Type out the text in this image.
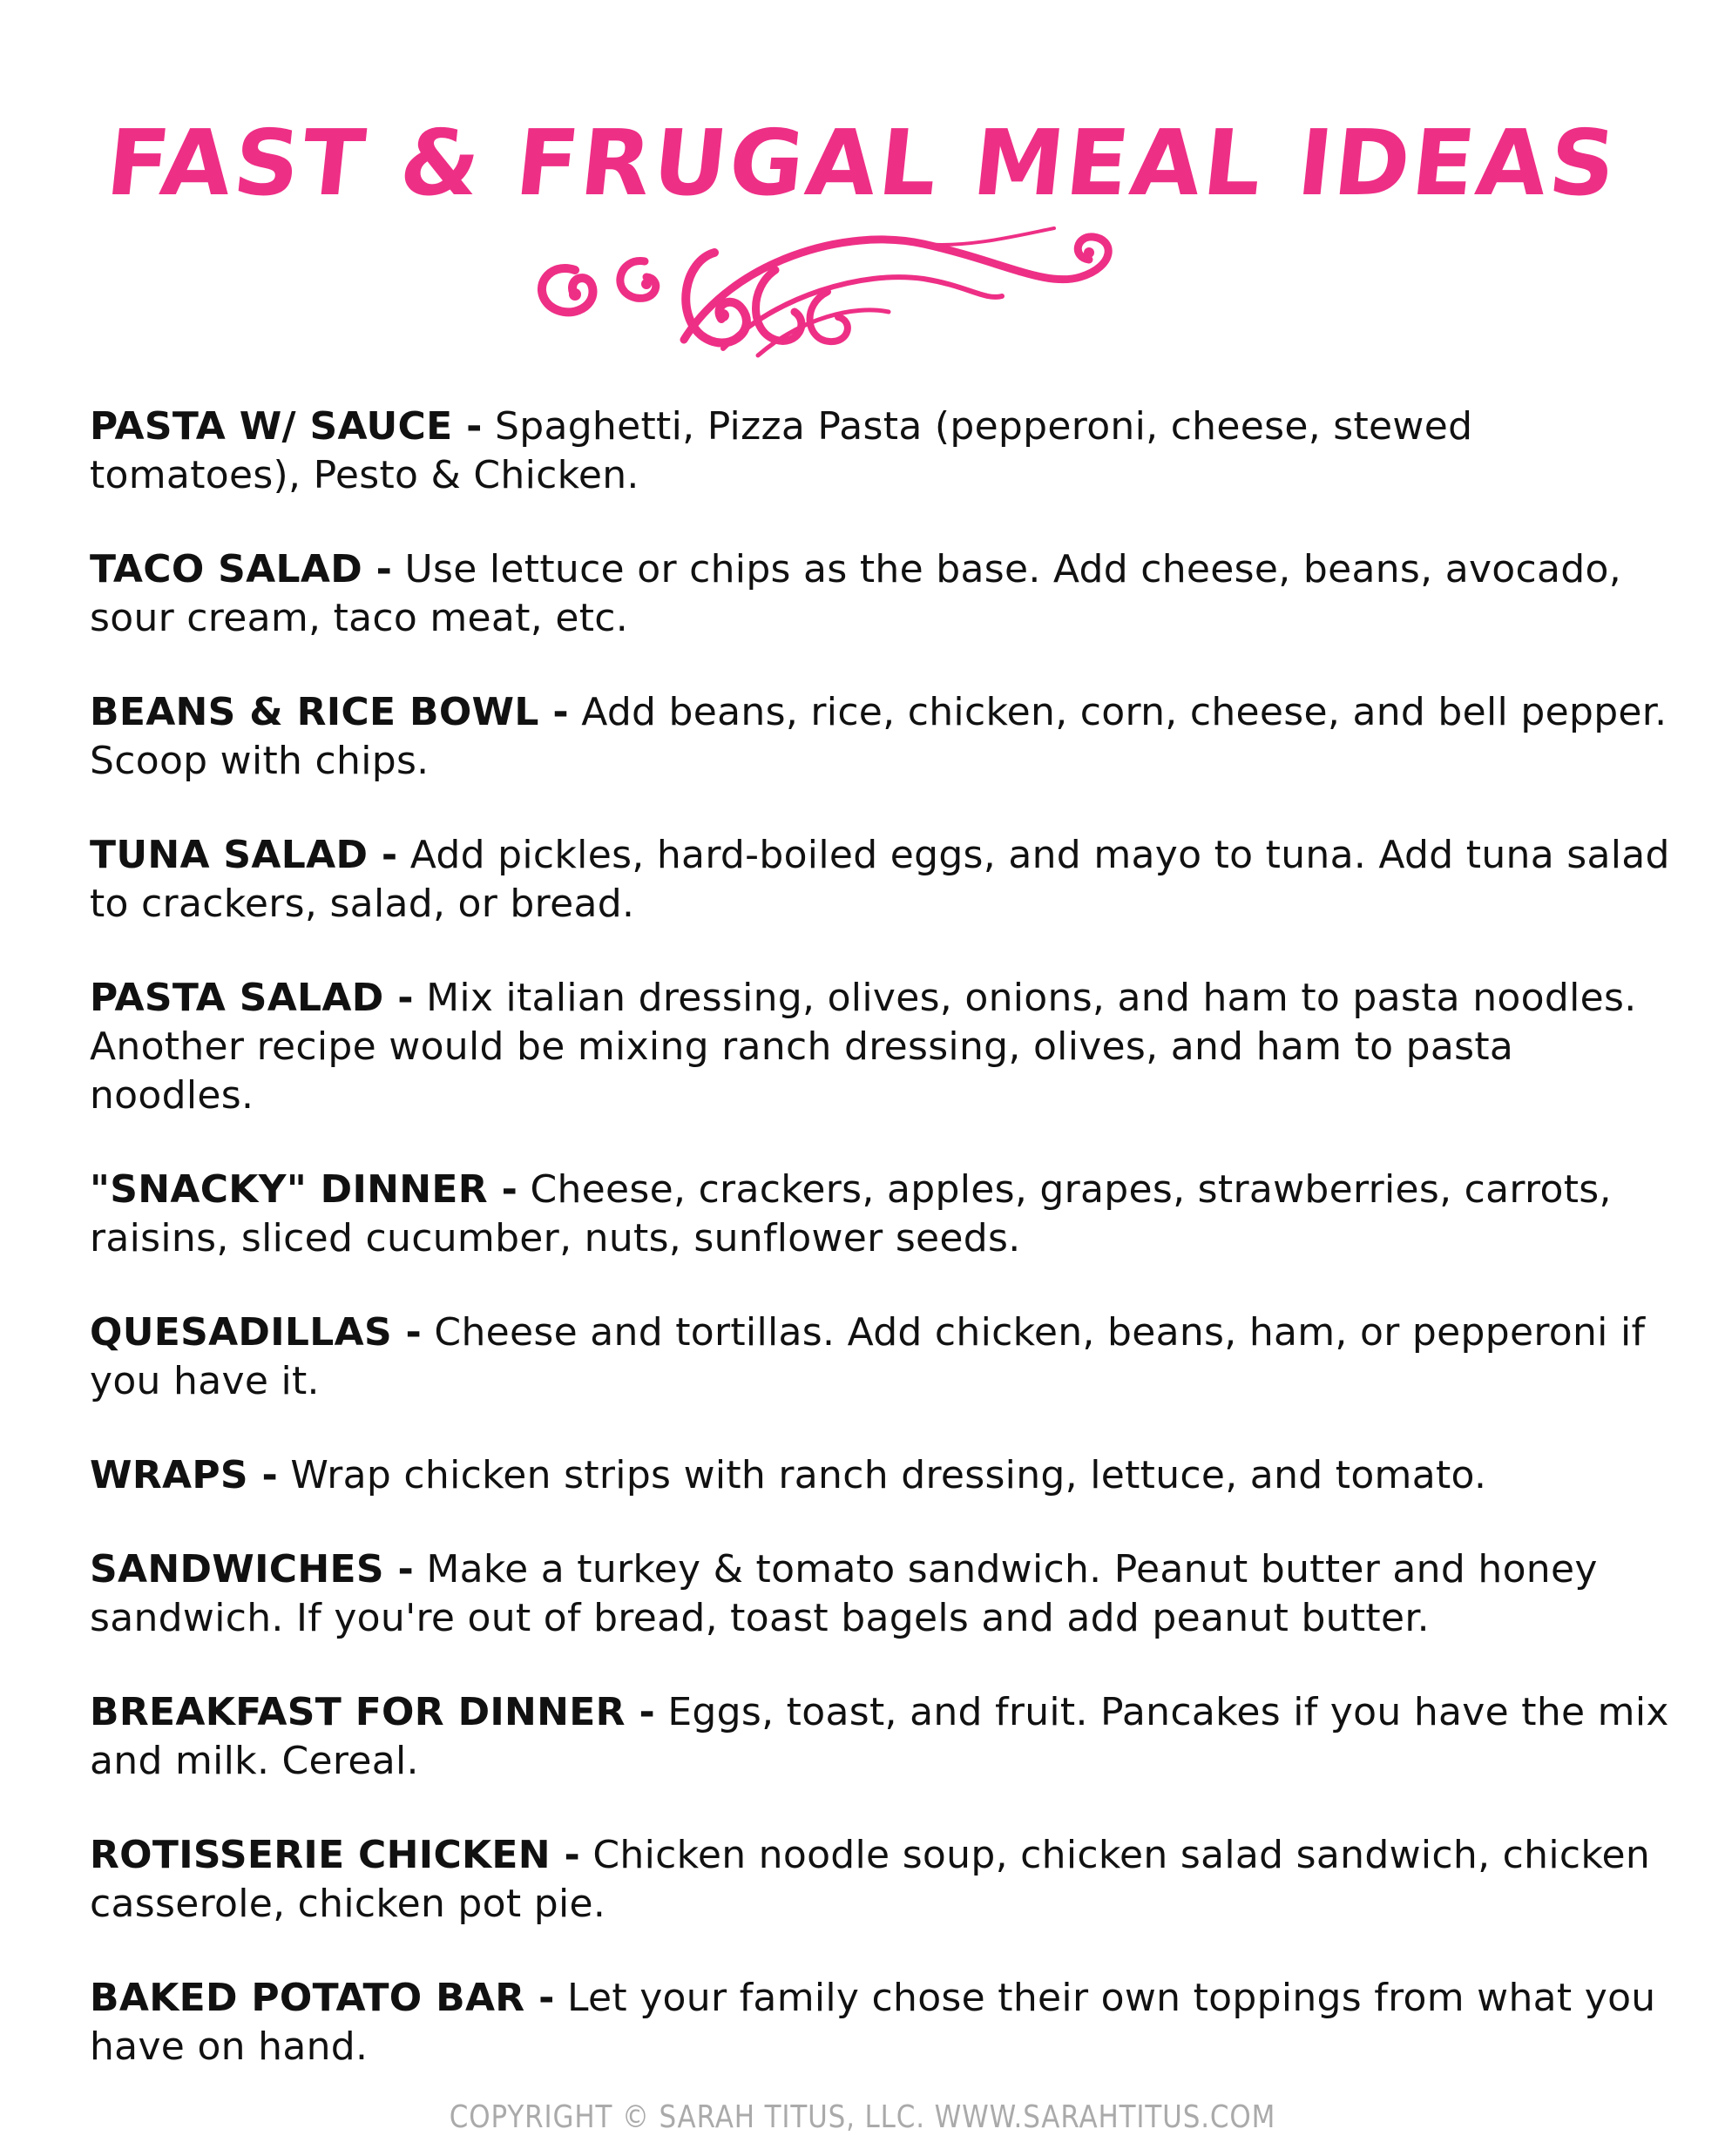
FAST & FRUGAL MEAL IDEAS

PASTA W/ SAUCE - Spaghetti, Pizza Pasta (pepperoni, cheese, stewed tomatoes), Pesto & Chicken.

TACO SALAD - Use lettuce or chips as the base. Add cheese, beans, avocado, sour cream, taco meat, etc.

BEANS & RICE BOWL - Add beans, rice, chicken, corn, cheese, and bell pepper. Scoop with chips.

TUNA SALAD - Add pickles, hard-boiled eggs, and mayo to tuna. Add tuna salad to crackers, salad, or bread.

PASTA SALAD - Mix italian dressing, olives, onions, and ham to pasta noodles. Another recipe would be mixing ranch dressing, olives, and ham to pasta noodles.

"SNACKY" DINNER - Cheese, crackers, apples, grapes, strawberries, carrots, raisins, sliced cucumber, nuts, sunflower seeds.

QUESADILLAS - Cheese and tortillas. Add chicken, beans, ham, or pepperoni if you have it.

WRAPS - Wrap chicken strips with ranch dressing, lettuce, and tomato.

SANDWICHES - Make a turkey & tomato sandwich. Peanut butter and honey sandwich. If you're out of bread, toast bagels and add peanut butter.

BREAKFAST FOR DINNER - Eggs, toast, and fruit. Pancakes if you have the mix and milk. Cereal.

ROTISSERIE CHICKEN - Chicken noodle soup, chicken salad sandwich, chicken casserole, chicken pot pie.

BAKED POTATO BAR - Let your family chose their own toppings from what you have on hand.

COPYRIGHT © SARAH TITUS, LLC. WWW.SARAHTITUS.COM
